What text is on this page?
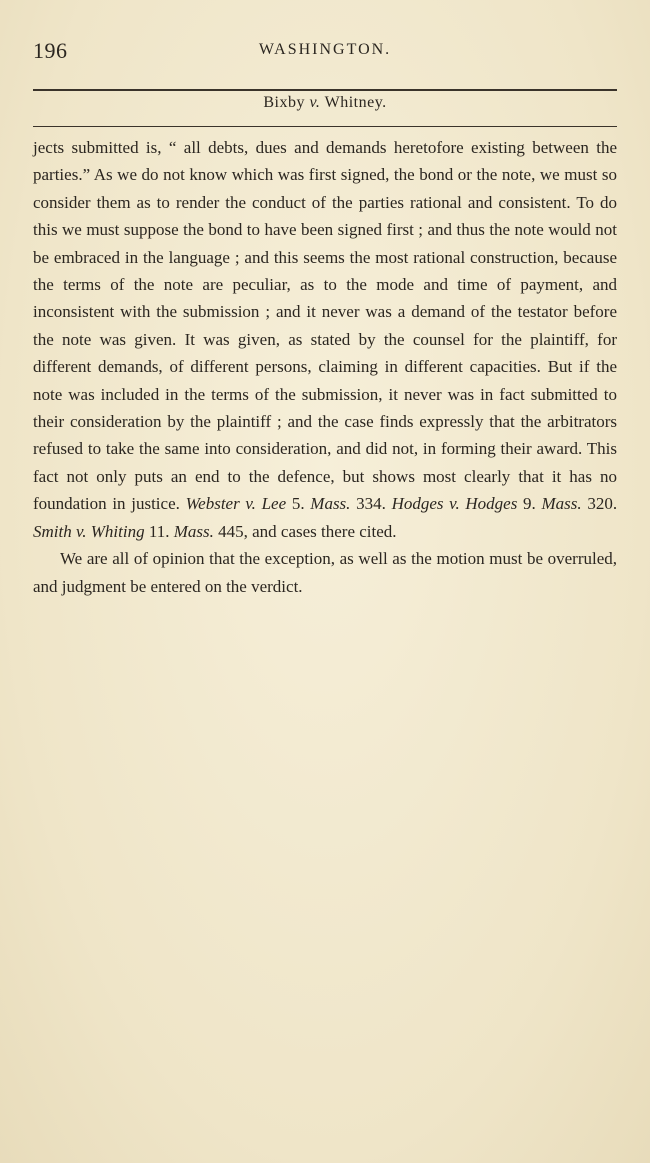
196	WASHINGTON.
Bixby v. Whitney.

jects submitted is, “ all debts, dues and demands heretofore existing between the parties.” As we do not know which was first signed, the bond or the note, we must so consider them as to render the conduct of the parties rational and consistent. To do this we must suppose the bond to have been signed first ; and thus the note would not be embraced in the language ; and this seems the most rational construction, because the terms of the note are peculiar, as to the mode and time of payment, and inconsistent with the submission ; and it never was a demand of the testator before the note was given. It was given, as stated by the counsel for the plaintiff, for different demands, of different persons, claiming in different capacities. But if the note was included in the terms of the submission, it never was in fact submitted to their consideration by the plaintiff ; and the case finds expressly that the arbitrators refused to take the same into consideration, and did not, in forming their award. This fact not only puts an end to the defence, but shows most clearly that it has no foundation in justice. Webster v. Lee 5. Mass. 334. Hodges v. Hodges 9. Mass. 320. Smith v. Whiting 11. Mass. 445, and cases there cited.

We are all of opinion that the exception, as well as the motion must be overruled, and judgment be entered on the verdict.
